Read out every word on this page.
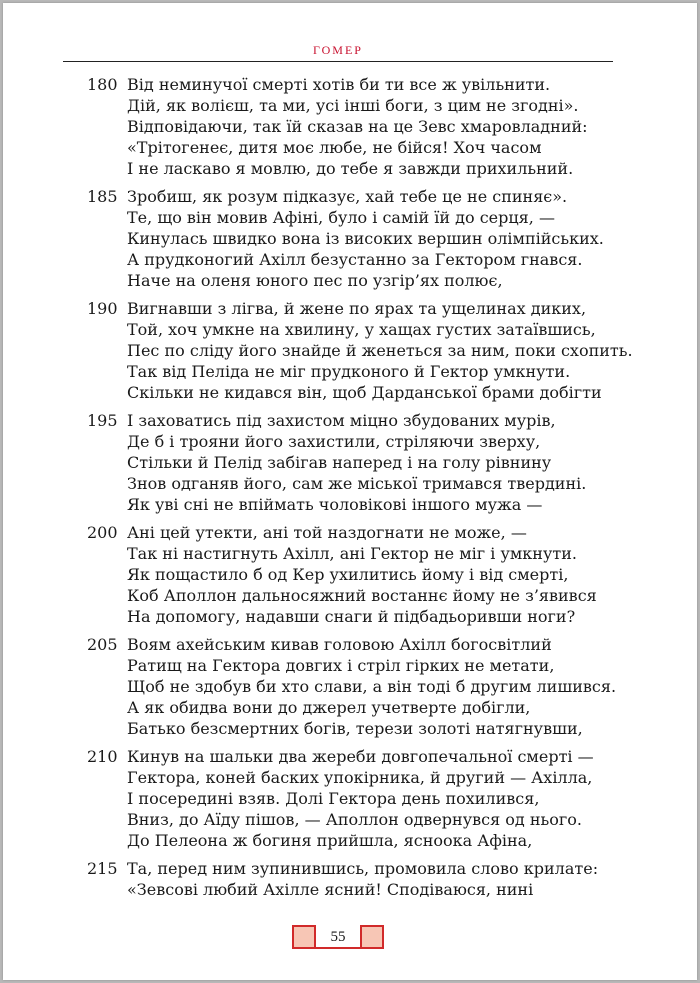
ГОМЕР
180 Від неминучої смерті хотів би ти все ж увільнити.
Дій, як волієш, та ми, усі інші боги, з цим не згодні».
Відповідаючи, так їй сказав на це Зевс хмаровладний:
«Трітогенеє, дитя моє любе, не бійся! Хоч часом
І не ласкаво я мовлю, до тебе я завжди прихильний.
185 Зробиш, як розум підказує, хай тебе це не спиняє».
Те, що він мовив Афіні, було і самій їй до серця, —
Кинулась швидко вона із високих вершин олімпійських.
А прудконогий Ахілл безустанно за Гектором гнався.
Наче на оленя юного пес по узгір’ях полює,
190 Вигнавши з лігва, й жене по ярах та ущелинах диких,
Той, хоч умкне на хвилину, у хащах густих затаївшись,
Пес по сліду його знайде й женеться за ним, поки схопить.
Так від Пеліда не міг прудконого й Гектор умкнути.
Скільки не кидався він, щоб Дарданської брами добігти
195 І заховатись під захистом міцно збудованих мурів,
Де б і трояни його захистили, стріляючи зверху,
Стільки й Пелід забігав наперед і на голу рівнину
Знов одганяв його, сам же міської тримався твердині.
Як уві сні не впіймать чоловікові іншого мужа —
200 Ані цей утекти, ані той наздогнати не може, —
Так ні настигнуть Ахілл, ані Гектор не міг і умкнути.
Як пощастило б од Кер ухилитись йому і від смерті,
Коб Аполлон дальносяжний востаннє йому не з’явився
На допомогу, надавши снаги й підбадьоривши ноги?
205 Воям ахейським кивав головою Ахілл богосвітлий
Ратищ на Гектора довгих і стріл гірких не метати,
Щоб не здобув би хто слави, а він тоді б другим лишився.
А як обидва вони до джерел учетверте добігли,
Батько безсмертних богів, терези золоті натягнувши,
210 Кинув на шальки два жереби довгопечальної смерті —
Гектора, коней баских упокірника, й другий — Ахілла,
І посередині взяв. Долі Гектора день похилився,
Вниз, до Аїду пішов, — Аполлон одвернувся од нього.
До Пелеона ж богиня прийшла, ясноока Афіна,
215 Та, перед ним зупинившись, промовила слово крилате:
«Зевсові любий Ахілле ясний! Сподіваюся, нині
55
